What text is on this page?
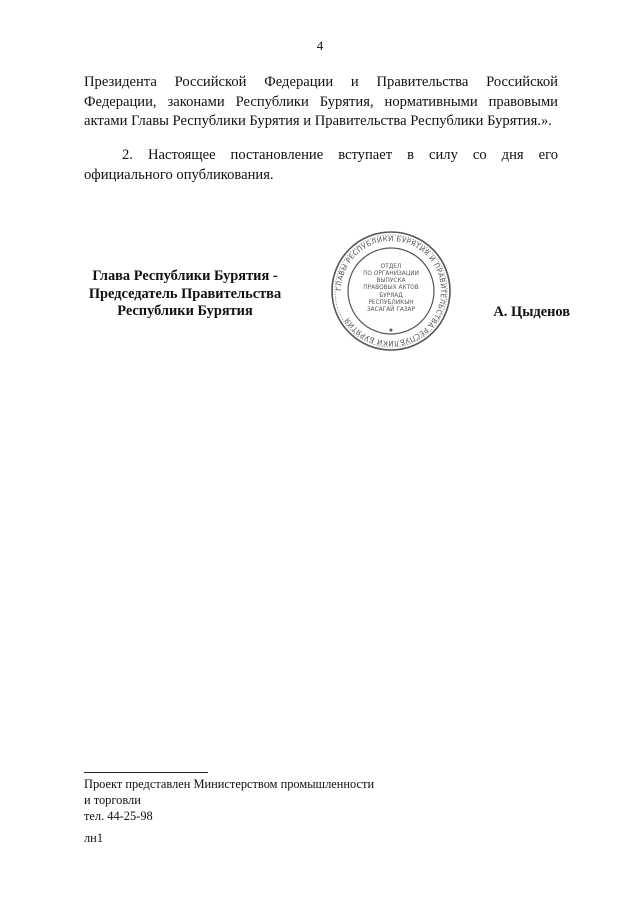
4

Президента Российской Федерации и Правительства Российской Федерации, законами Республики Бурятия, нормативными правовыми актами Главы Республики Бурятия и Правительства Республики Бурятия.».

2. Настоящее постановление вступает в силу со дня его официального опубликования.

Глава Республики Бурятия -
Председатель Правительства
Республики Бурятия
ГЛАВЫ РЕСПУБЛИКИ БУРЯТИЯ И ПРАВИТЕЛЬСТВА РЕСПУБЛИКИ БУРЯТИЯ
ОТДЕЛ
ПО ОРГАНИЗАЦИИ
ВЫПУСКА
ПРАВОВЫХ АКТОВ
БУРЯАД
РЕСПУБЛИКЫН
ЗАСАГАЙ ГАЗАР	А. Цыденов
Проект представлен Министерством промышленности
и торговли
тел. 44-25-98
лн1
